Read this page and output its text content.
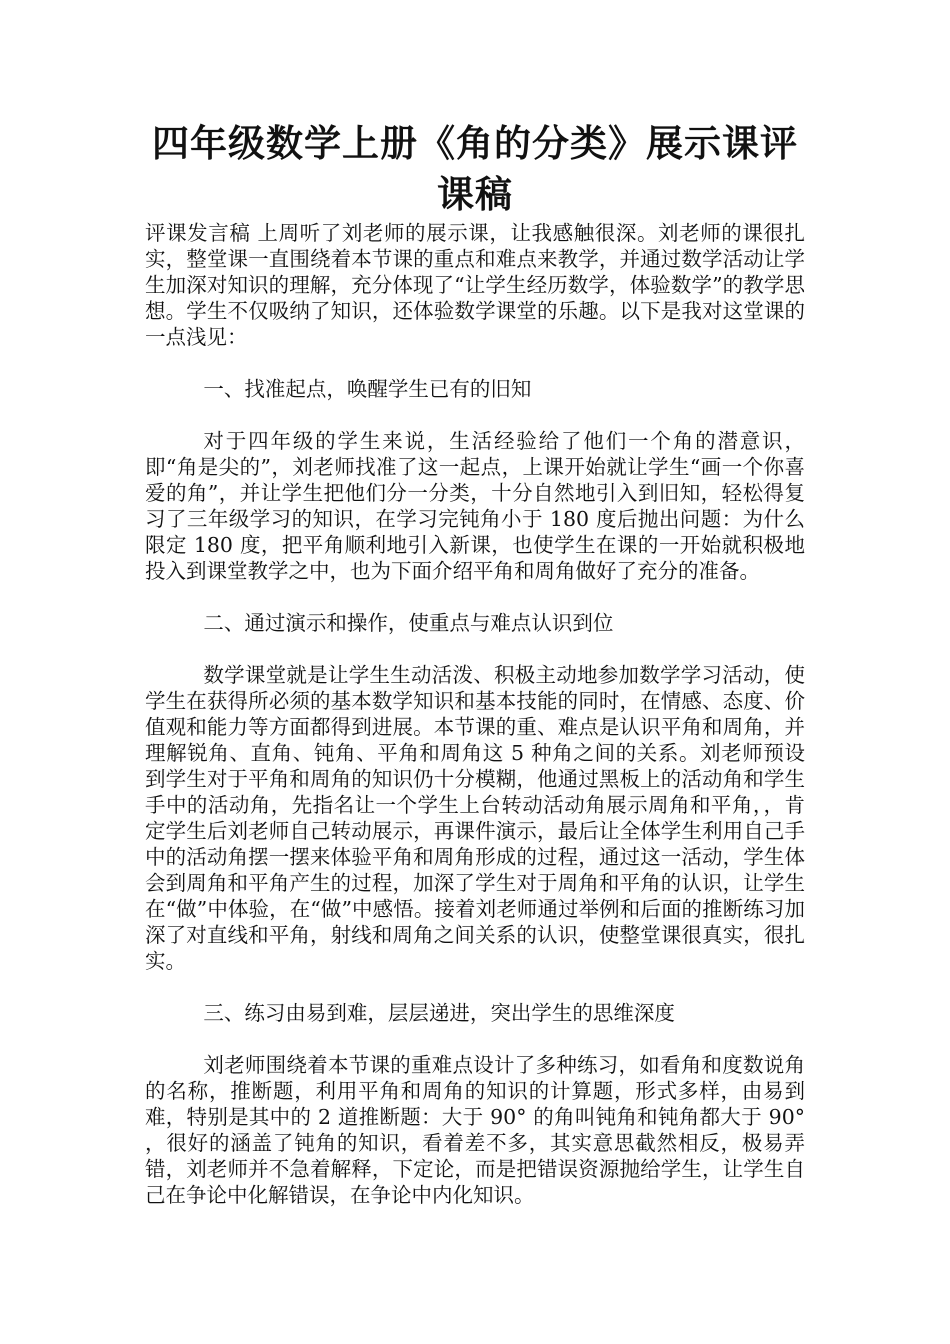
四年级数学上册《角的分类》展示课评课稿

评课发言稿 上周听了刘老师的展示课，让我感触很深。刘老师的课很扎实，整堂课一直围绕着本节课的重点和难点来教学，并通过数学活动让学生加深对知识的理解，充分体现了“让学生经历数学，体验数学”的教学思想。学生不仅吸纳了知识，还体验数学课堂的乐趣。以下是我对这堂课的一点浅见：

一、找准起点，唤醒学生已有的旧知

对于四年级的学生来说，生活经验给了他们一个角的潜意识，即“角是尖的”，刘老师找准了这一起点，上课开始就让学生“画一个你喜爱的角”，并让学生把他们分一分类，十分自然地引入到旧知，轻松得复习了三年级学习的知识，在学习完钝角小于 180 度后抛出问题：为什么限定 180 度，把平角顺利地引入新课，也使学生在课的一开始就积极地投入到课堂教学之中，也为下面介绍平角和周角做好了充分的准备。

二、通过演示和操作，使重点与难点认识到位

数学课堂就是让学生生动活泼、积极主动地参加数学学习活动，使学生在获得所必须的基本数学知识和基本技能的同时，在情感、态度、价值观和能力等方面都得到进展。本节课的重、难点是认识平角和周角，并理解锐角、直角、钝角、平角和周角这 5 种角之间的关系。刘老师预设到学生对于平角和周角的知识仍十分模糊，他通过黑板上的活动角和学生手中的活动角，先指名让一个学生上台转动活动角展示周角和平角，，肯定学生后刘老师自己转动展示，再课件演示，最后让全体学生利用自己手中的活动角摆一摆来体验平角和周角形成的过程，通过这一活动，学生体会到周角和平角产生的过程，加深了学生对于周角和平角的认识，让学生在“做”中体验，在“做”中感悟。接着刘老师通过举例和后面的推断练习加深了对直线和平角，射线和周角之间关系的认识，使整堂课很真实，很扎实。

三、练习由易到难，层层递进，突出学生的思维深度

刘老师围绕着本节课的重难点设计了多种练习，如看角和度数说角的名称，推断题，利用平角和周角的知识的计算题，形式多样，由易到难，特别是其中的 2 道推断题：大于 90° 的角叫钝角和钝角都大于 90° ，很好的涵盖了钝角的知识，看着差不多，其实意思截然相反，极易弄错，刘老师并不急着解释，下定论，而是把错误资源抛给学生，让学生自己在争论中化解错误，在争论中内化知识。
